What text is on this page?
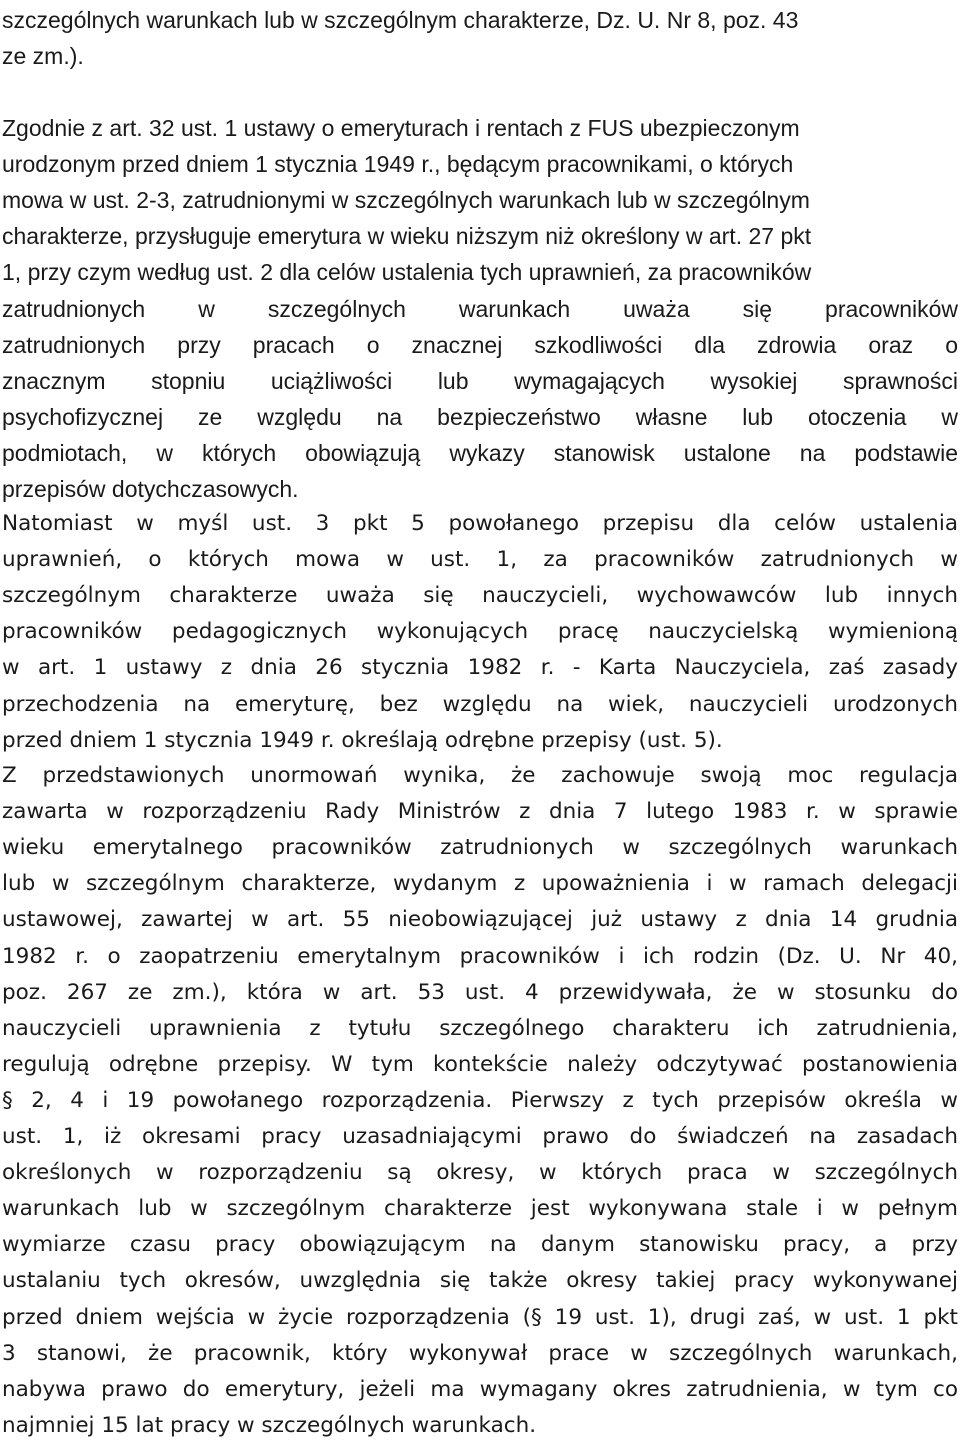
szczególnych warunkach lub w szczególnym charakterze, Dz. U. Nr 8, poz. 43
ze zm.).
Zgodnie z art. 32 ust. 1 ustawy o emeryturach i rentach z FUS ubezpieczonym
urodzonym przed dniem 1 stycznia 1949 r., będącym pracownikami, o których
mowa w ust. 2-3, zatrudnionymi w szczególnych warunkach lub w szczególnym
charakterze, przysługuje emerytura w wieku niższym niż określony w art. 27 pkt
1, przy czym według ust. 2 dla celów ustalenia tych uprawnień, za pracowników
zatrudnionych w szczególnych warunkach uważa się pracowników
zatrudnionych przy pracach o znacznej szkodliwości dla zdrowia oraz o
znacznym stopniu uciążliwości lub wymagających wysokiej sprawności
psychofizycznej ze względu na bezpieczeństwo własne lub otoczenia w
podmiotach, w których obowiązują wykazy stanowisk ustalone na podstawie
przepisów dotychczasowych.
Natomiast w myśl ust. 3 pkt 5 powołanego przepisu dla celów ustalenia
uprawnień, o których mowa w ust. 1, za pracowników zatrudnionych w
szczególnym charakterze uważa się nauczycieli, wychowawców lub innych
pracowników pedagogicznych wykonujących pracę nauczycielską wymienioną
w art. 1 ustawy z dnia 26 stycznia 1982 r. - Karta Nauczyciela, zaś zasady
przechodzenia na emeryturę, bez względu na wiek, nauczycieli urodzonych
przed dniem 1 stycznia 1949 r. określają odrębne przepisy (ust. 5).
Z przedstawionych unormowań wynika, że zachowuje swoją moc regulacja
zawarta w rozporządzeniu Rady Ministrów z dnia 7 lutego 1983 r. w sprawie
wieku emerytalnego pracowników zatrudnionych w szczególnych warunkach
lub w szczególnym charakterze, wydanym z upoważnienia i w ramach delegacji
ustawowej, zawartej w art. 55 nieobowiązującej już ustawy z dnia 14 grudnia
1982 r. o zaopatrzeniu emerytalnym pracowników i ich rodzin (Dz. U. Nr 40,
poz. 267 ze zm.), która w art. 53 ust. 4 przewidywała, że w stosunku do
nauczycieli uprawnienia z tytułu szczególnego charakteru ich zatrudnienia,
regulują odrębne przepisy. W tym kontekście należy odczytywać postanowienia
§ 2, 4 i 19 powołanego rozporządzenia. Pierwszy z tych przepisów określa w
ust. 1, iż okresami pracy uzasadniającymi prawo do świadczeń na zasadach
określonych w rozporządzeniu są okresy, w których praca w szczególnych
warunkach lub w szczególnym charakterze jest wykonywana stale i w pełnym
wymiarze czasu pracy obowiązującym na danym stanowisku pracy, a przy
ustalaniu tych okresów, uwzględnia się także okresy takiej pracy wykonywanej
przed dniem wejścia w życie rozporządzenia (§ 19 ust. 1), drugi zaś, w ust. 1 pkt
3 stanowi, że pracownik, który wykonywał prace w szczególnych warunkach,
nabywa prawo do emerytury, jeżeli ma wymagany okres zatrudnienia, w tym co
najmniej 15 lat pracy w szczególnych warunkach.
